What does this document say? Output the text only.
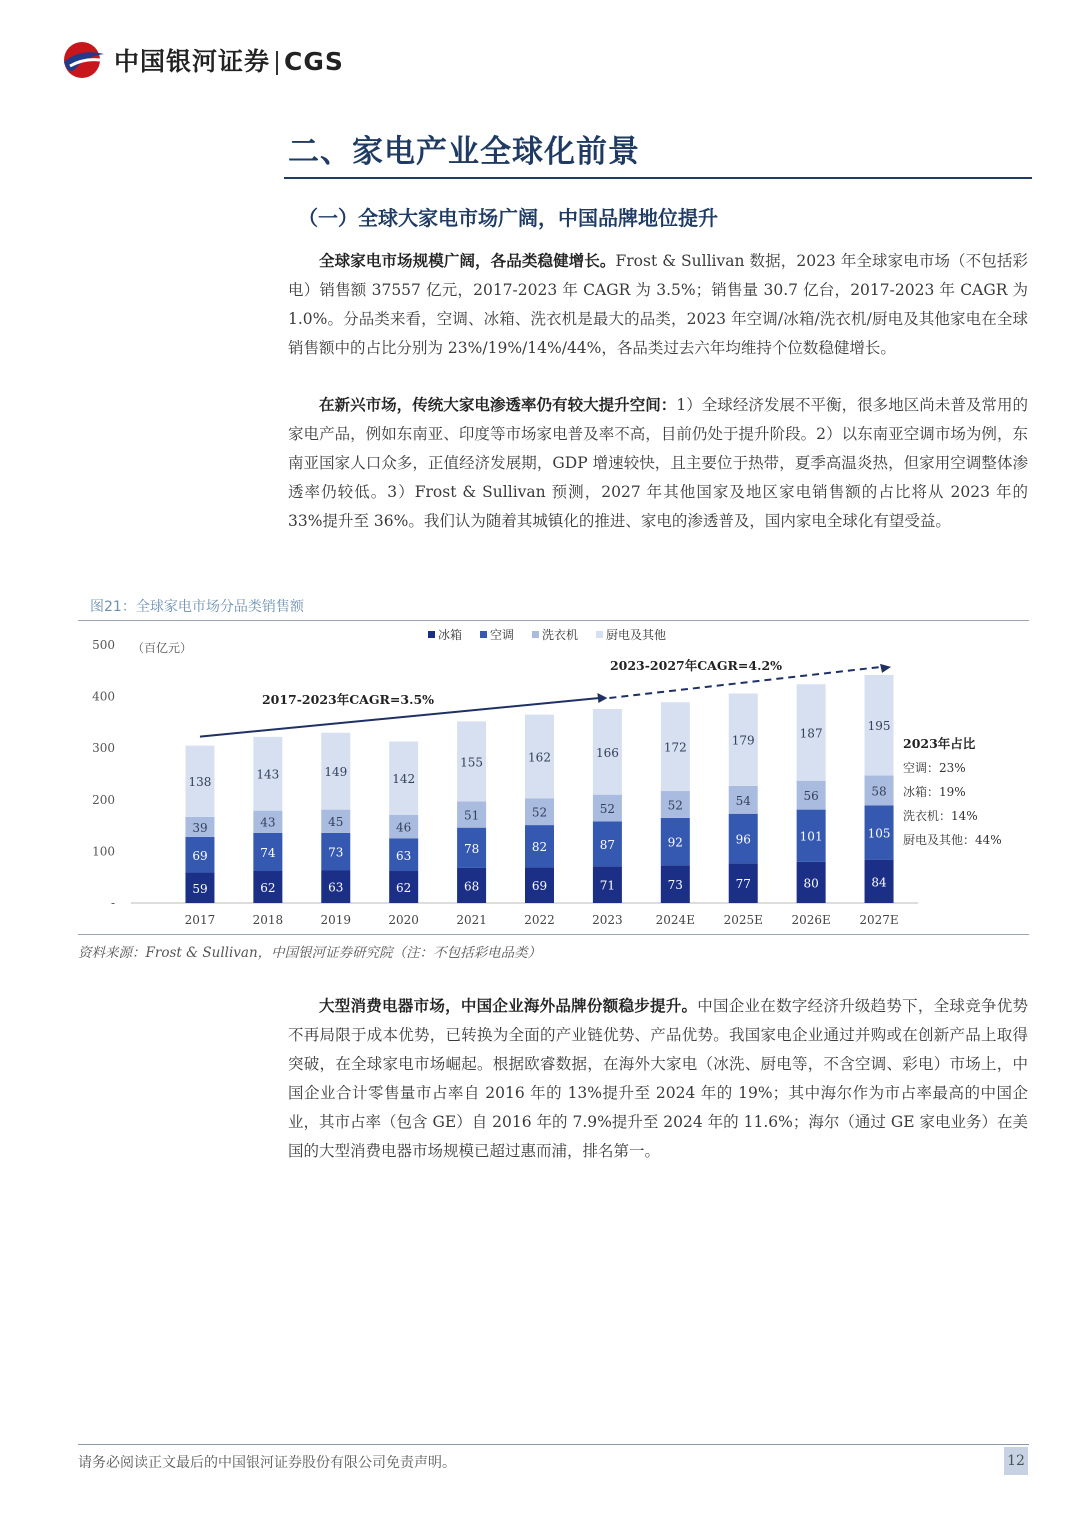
中国银河证券 CGS
二、家电产业全球化前景
（一）全球大家电市场广阔，中国品牌地位提升
全球家电市场规模广阔，各品类稳健增长。Frost & Sullivan 数据，2023 年全球家电市场（不包括彩电）销售额 37557 亿元，2017-2023 年 CAGR 为 3.5%；销售量 30.7 亿台，2017-2023 年 CAGR 为 1.0%。分品类来看，空调、冰箱、洗衣机是最大的品类，2023 年空调/冰箱/洗衣机/厨电及其他家电在全球销售额中的占比分别为 23%/19%/14%/44%，各品类过去六年均维持个位数稳健增长。
在新兴市场，传统大家电渗透率仍有较大提升空间：1）全球经济发展不平衡，很多地区尚未普及常用的家电产品，例如东南亚、印度等市场家电普及率不高，目前仍处于提升阶段。2）以东南亚空调市场为例，东南亚国家人口众多，正值经济发展期，GDP 增速较快，且主要位于热带，夏季高温炎热，但家用空调整体渗透率仍较低。3）Frost & Sullivan 预测，2027 年其他国家及地区家电销售额的占比将从 2023 年的 33%提升至 36%。我们认为随着其城镇化的推进、家电的渗透普及，国内家电全球化有望受益。
图21：全球家电市场分品类销售额
-
100
200
300
400
500 （百亿元）
冰箱 空调 洗衣机 厨电及其他
59
69
39
138
2017
62
74
43
143
2018
63
73
45
149
2019
62
63
46
142
2020
68
78
51
155
2021
69
82
52
162
2022
71
87
52
166
2023
73
92
52
172
2024E
77
96
54
179
2025E
80
101
56
187
2026E
84
105
58
195
2027E
2017-2023年CAGR=3.5%
2023-2027年CAGR=4.2%
2023年占比
空调：23%
冰箱：19%
洗衣机：14%
厨电及其他：44%
资料来源：Frost & Sullivan，中国银河证券研究院（注：不包括彩电品类）
大型消费电器市场，中国企业海外品牌份额稳步提升。中国企业在数字经济升级趋势下，全球竞争优势不再局限于成本优势，已转换为全面的产业链优势、产品优势。我国家电企业通过并购或在创新产品上取得突破，在全球家电市场崛起。根据欧睿数据，在海外大家电（冰洗、厨电等，不含空调、彩电）市场上，中国企业合计零售量市占率自 2016 年的 13%提升至 2024 年的 19%；其中海尔作为市占率最高的中国企业，其市占率（包含 GE）自 2016 年的 7.9%提升至 2024 年的 11.6%；海尔（通过 GE 家电业务）在美国的大型消费电器市场规模已超过惠而浦，排名第一。
请务必阅读正文最后的中国银河证券股份有限公司免责声明。	12
